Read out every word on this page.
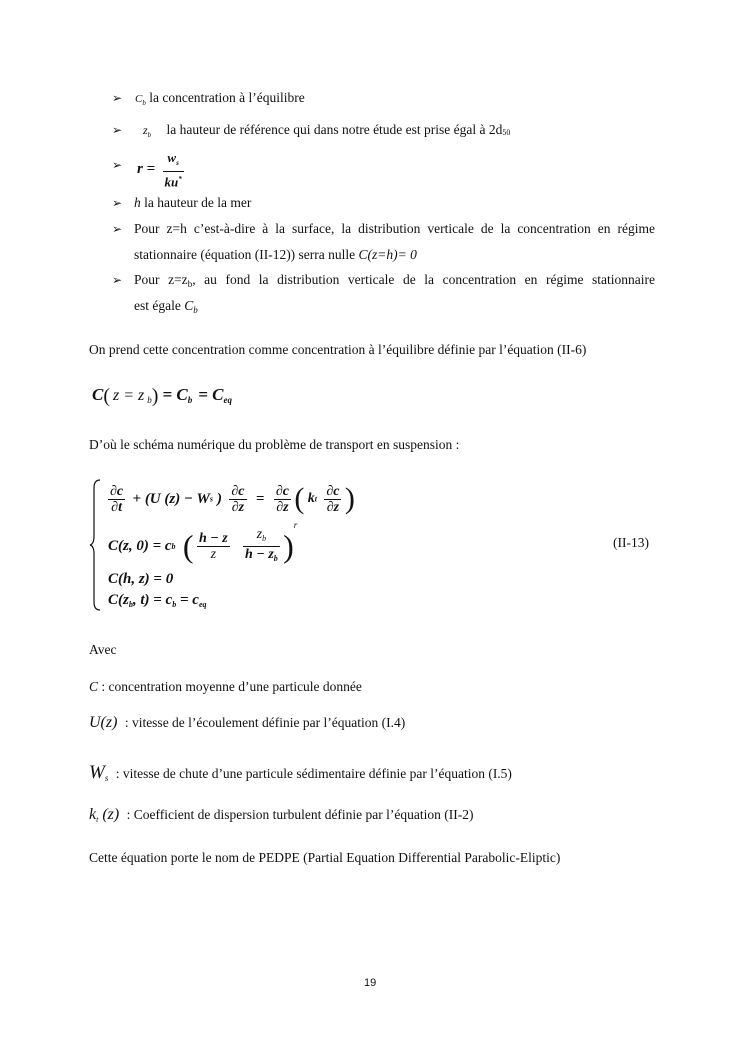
➢ $C_b$ la concentration à l’équilibre
➢ $z_b$ la hauteur de référence qui dans notre étude est prise égal à 2d50
➢ $r = \frac{w_s}{ku^*}$
➢ h la hauteur de la mer
➢ Pour z=h c’est-à-dire à la surface, la distribution verticale de la concentration en régime
stationnaire (équation (II-12)) serra nulle C(z=h)= 0
➢ Pour $z=z_b$, au fond la distribution verticale de la concentration en régime stationnaire
est égale $C_b$
On prend cette concentration comme concentration à l’équilibre définie par l’équation (II-6)
C( z = z $_b) = C_b = C_{eq}$
D’où le schéma numérique du problème de transport en suspension :
$\frac{\partial c}{\partial t} + (U$ (z) − Ws ) $\frac{\partial c}{\partial z} = \frac{\partial c}{\partial z}$ ( kt $\frac{\partial c}{\partial z}$ )
C(z, 0) = cb ( $\frac{h - z}{z}$
$\frac{z_b}{h - z_b} )^r$
C(h, z) = 0
$C(z_b$, $t) = c_b = c_{eq}$
(II-13)
Avec
C : concentration moyenne d’une particule donnée
U(z) : vitesse de l’écoulement définie par l’équation (I.4)
$W_s$ : vitesse de chute d’une particule sédimentaire définie par l’équation (I.5)
$k_t$ (z) : Coefficient de dispersion turbulent définie par l’équation (II-2)
Cette équation porte le nom de PEDPE (Partial Equation Differential Parabolic-Eliptic)
19
